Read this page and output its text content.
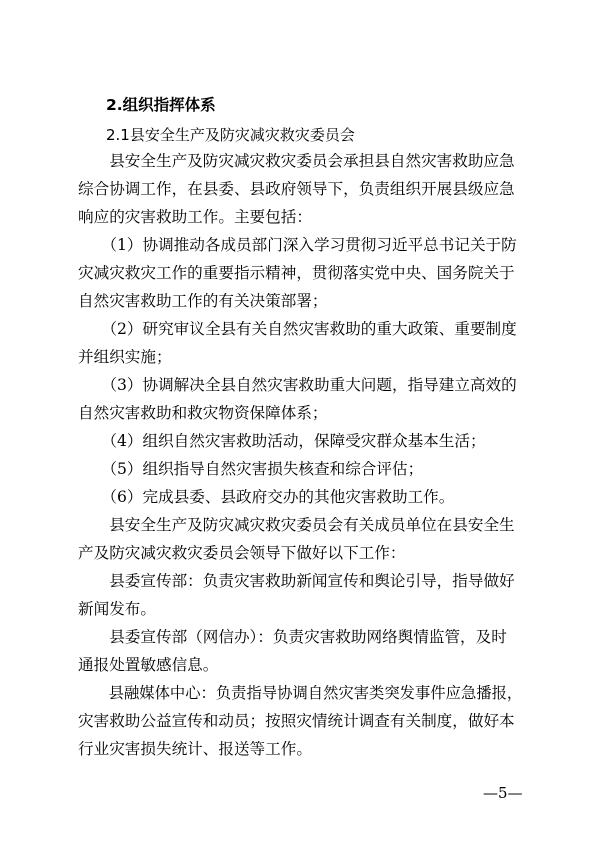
2.组织指挥体系
2.1县安全生产及防灾减灾救灾委员会
　　县安全生产及防灾减灾救灾委员会承担县自然灾害救助应急
综合协调工作，在县委、县政府领导下，负责组织开展县级应急
响应的灾害救助工作。主要包括：
　　（1）协调推动各成员部门深入学习贯彻习近平总书记关于防
灾减灾救灾工作的重要指示精神，贯彻落实党中央、国务院关于
自然灾害救助工作的有关决策部署；
　　（2）研究审议全县有关自然灾害救助的重大政策、重要制度
并组织实施；
　　（3）协调解决全县自然灾害救助重大问题，指导建立高效的
自然灾害救助和救灾物资保障体系；
　　（4）组织自然灾害救助活动，保障受灾群众基本生活；
　　（5）组织指导自然灾害损失核查和综合评估；
　　（6）完成县委、县政府交办的其他灾害救助工作。
　　县安全生产及防灾减灾救灾委员会有关成员单位在县安全生
产及防灾减灾救灾委员会领导下做好以下工作：
　　县委宣传部：负责灾害救助新闻宣传和舆论引导，指导做好
新闻发布。
　　县委宣传部（网信办）：负责灾害救助网络舆情监管，及时
通报处置敏感信息。
　　县融媒体中心：负责指导协调自然灾害类突发事件应急播报，
灾害救助公益宣传和动员；按照灾情统计调查有关制度，做好本
行业灾害损失统计、报送等工作。
—5—
